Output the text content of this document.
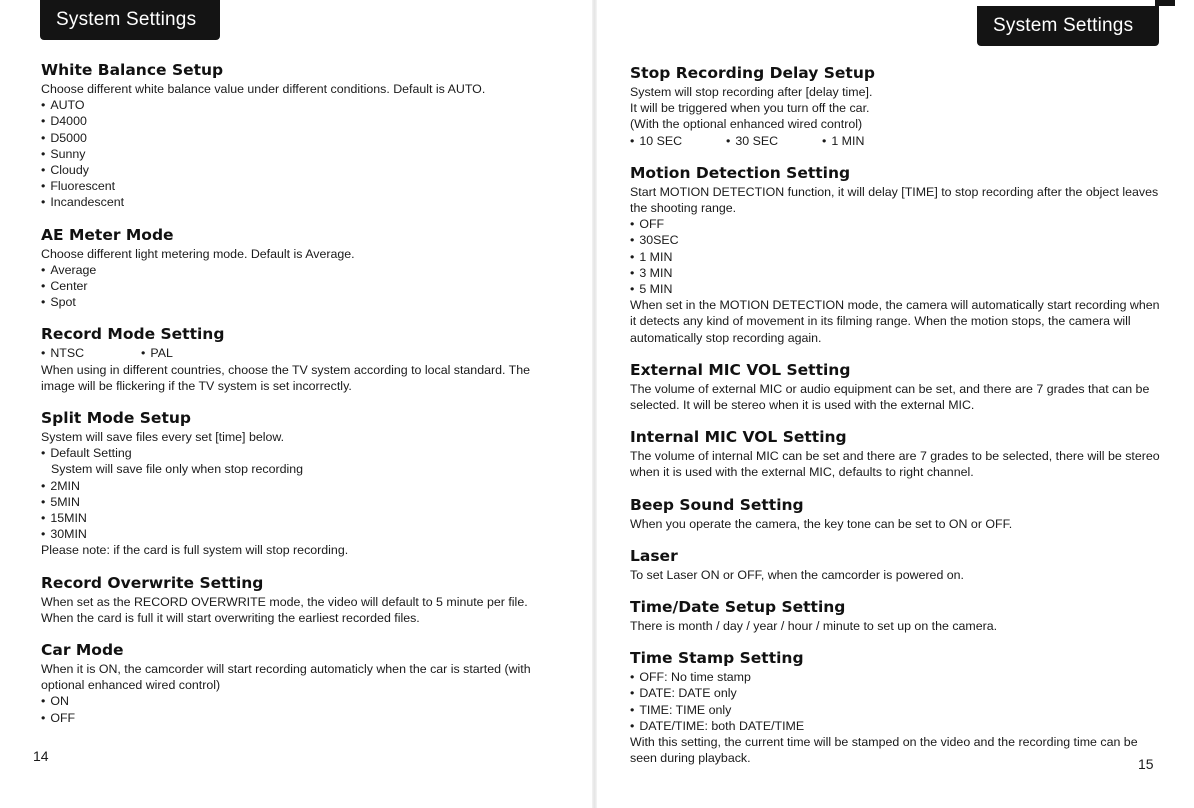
System Settings
White Balance Setup

Choose different white balance value under different conditions. Default is AUTO.

• AUTO
• D4000
• D5000
• Sunny
• Cloudy
• Fluorescent
• Incandescent
AE Meter Mode

Choose different light metering mode. Default is Average.

• Average
• Center
• Spot
Record Mode Setting
• NTSC	• PAL

When using in different countries, choose the TV system according to local standard. The image will be flickering if the TV system is set incorrectly.

Split Mode Setup

System will save files every set [time] below.

• Default Setting
System will save file only when stop recording
• 2MIN
• 5MIN
• 15MIN
• 30MIN

Please note: if the card is full system will stop recording.

Record Overwrite Setting

When set as the RECORD OVERWRITE mode, the video will default to 5 minute per file. When the card is full it will start overwriting the earliest recorded files.

Car Mode

When it is ON, the camcorder will start recording automaticly when the car is started (with optional enhanced wired control)

• ON
• OFF
14
System Settings
Stop Recording Delay Setup

System will stop recording after [delay time].

It will be triggered when you turn off the car.

(With the optional enhanced wired control)

• 10 SEC	• 30 SEC	• 1 MIN
Motion Detection Setting

Start MOTION DETECTION function, it will delay [TIME] to stop recording after the object leaves the shooting range.

• OFF
• 30SEC
• 1 MIN
• 3 MIN
• 5 MIN

When set in the MOTION DETECTION mode, the camera will automatically start recording when it detects any kind of movement in its filming range. When the motion stops, the camera will automatically stop recording again.

External MIC VOL Setting

The volume of external MIC or audio equipment can be set, and there are 7 grades that can be selected. It will be stereo when it is used with the external MIC.

Internal MIC VOL Setting

The volume of internal MIC can be set and there are 7 grades to be selected, there will be stereo when it is used with the external MIC, defaults to right channel.

Beep Sound Setting

When you operate the camera, the key tone can be set to ON or OFF.

Laser

To set Laser ON or OFF, when the camcorder is powered on.

Time/Date Setup Setting

There is month / day / year / hour / minute to set up on the camera.

Time Stamp Setting
• OFF: No time stamp
• DATE: DATE only
• TIME: TIME only
• DATE/TIME: both DATE/TIME

With this setting, the current time will be stamped on the video and the recording time can be seen during playback.	15
